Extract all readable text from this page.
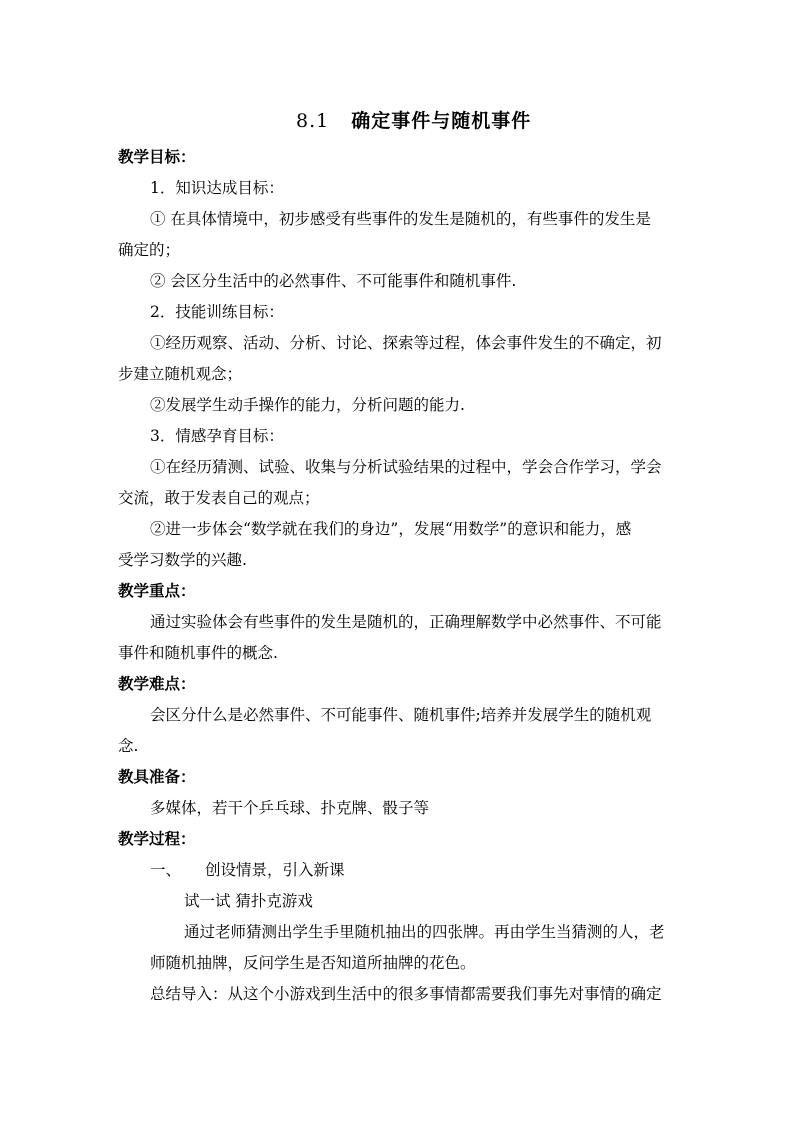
8.1 确定事件与随机事件
教学目标：
1．知识达成目标：
① 在具体情境中，初步感受有些事件的发生是随机的，有些事件的发生是
确定的；
② 会区分生活中的必然事件、不可能事件和随机事件.
2．技能训练目标：
①经历观察、活动、分析、讨论、探索等过程，体会事件发生的不确定，初
步建立随机观念；
②发展学生动手操作的能力，分析问题的能力.
3．情感孕育目标：
①在经历猜测、试验、收集与分析试验结果的过程中，学会合作学习，学会
交流，敢于发表自己的观点；
②进一步体会“数学就在我们的身边”，发展“用数学”的意识和能力，感
受学习数学的兴趣.
教学重点：
通过实验体会有些事件的发生是随机的，正确理解数学中必然事件、不可能
事件和随机事件的概念.
教学难点：
会区分什么是必然事件、不可能事件、随机事件;培养并发展学生的随机观
念.
教具准备：
多媒体，若干个乒乓球、扑克牌、骰子等
教学过程：
一、 创设情景，引入新课
试一试 猜扑克游戏
通过老师猜测出学生手里随机抽出的四张牌。再由学生当猜测的人，老
师随机抽牌，反问学生是否知道所抽牌的花色。
总结导入：从这个小游戏到生活中的很多事情都需要我们事先对事情的确定
